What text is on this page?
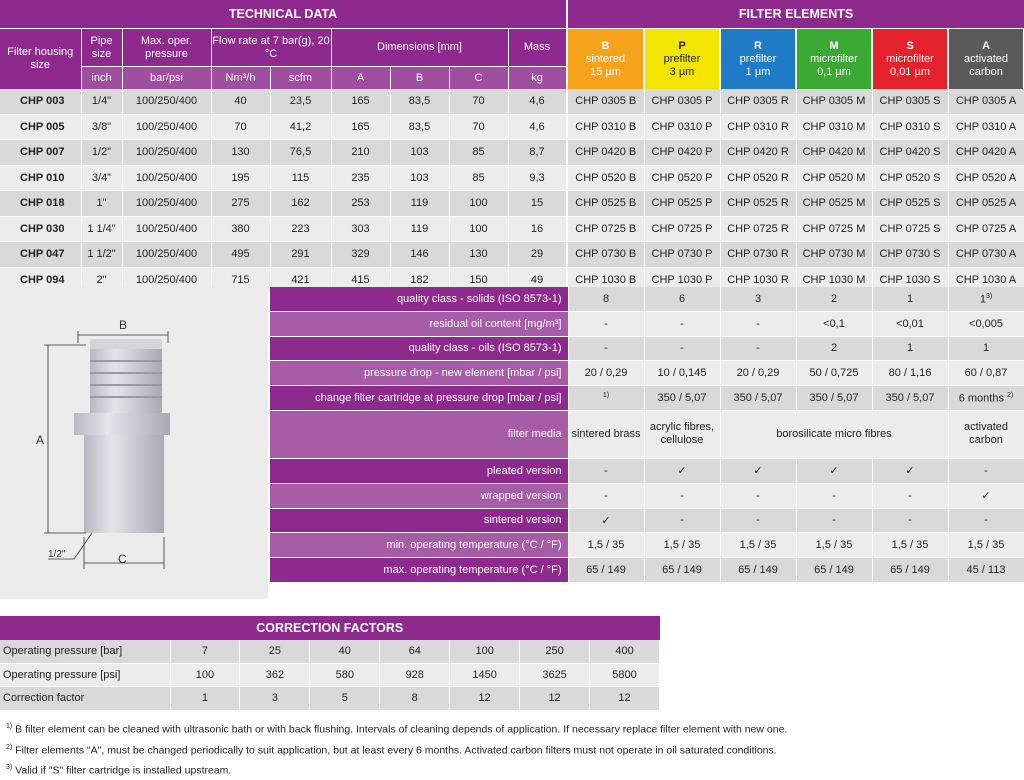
TECHNICAL DATA								
Filter housing size	Pipe size	Max. oper. pressure	Flow rate at 7 bar(g), 20 °C		Dimensions [mm]			Mass
	inch	bar/psi	Nm³/h	scfm	A	B	C	kg
CHP 003	1/4"	100/250/400	40	23,5	165	83,5	70	4,6
CHP 005	3/8"	100/250/400	70	41,2	165	83,5	70	4,6
CHP 007	1/2"	100/250/400	130	76,5	210	103	85	8,7
CHP 010	3/4"	100/250/400	195	115	235	103	85	9,3
CHP 018	1"	100/250/400	275	162	253	119	100	15
CHP 030	1 1/4"	100/250/400	380	223	303	119	100	16
CHP 047	1 1/2"	100/250/400	495	291	329	146	130	29
CHP 094	2"	100/250/400	715	421	415	182	150	49
FILTER ELEMENTS					

B
sintered
15 µm	P
prefilter
3 µm	R
prefilter
1 µm	M
microfilter
0,1 µm	S
microfilter
0,01 µm	A
activated
carbon
CHP 0305 B	CHP 0305 P	CHP 0305 R	CHP 0305 M	CHP 0305 S	CHP 0305 A
CHP 0310 B	CHP 0310 P	CHP 0310 R	CHP 0310 M	CHP 0310 S	CHP 0310 A
CHP 0420 B	CHP 0420 P	CHP 0420 R	CHP 0420 M	CHP 0420 S	CHP 0420 A
CHP 0520 B	CHP 0520 P	CHP 0520 R	CHP 0520 M	CHP 0520 S	CHP 0520 A
CHP 0525 B	CHP 0525 P	CHP 0525 R	CHP 0525 M	CHP 0525 S	CHP 0525 A
CHP 0725 B	CHP 0725 P	CHP 0725 R	CHP 0725 M	CHP 0725 S	CHP 0725 A
CHP 0730 B	CHP 0730 P	CHP 0730 R	CHP 0730 M	CHP 0730 S	CHP 0730 A
CHP 1030 B	CHP 1030 P	CHP 1030 R	CHP 1030 M	CHP 1030 S	CHP 1030 A
B
A
C
1/2"
quality class - solids (ISO 8573-1)	8	6	3	2	1	1$^{3)}$
residual oil content [mg/m³]	-	-	-	<0,1	<0,01	<0,005
quality class - oils (ISO 8573-1)	-	-	-	2	1	1
pressure drop - new element [mbar / psi]	20 / 0,29	10 / 0,145	20 / 0,29	50 / 0,725	80 / 1,16	60 / 0,87
change filter cartridge at pressure drop [mbar / psi]	$^{1)}$	350 / 5,07	350 / 5,07	350 / 5,07	350 / 5,07	6 months $^{2)}$
filter media	sintered brass	acrylic fibres, cellulose	borosilicate micro fibres			activated carbon
pleated version	-	✓	✓	✓	✓	-
wrapped version	-	-	-	-	-	✓
sintered version	✓	-	-	-	-	-
min. operating temperature (°C / °F)	1,5 / 35	1,5 / 35	1,5 / 35	1,5 / 35	1,5 / 35	1,5 / 35
max. operating temperature (°C / °F)	65 / 149	65 / 149	65 / 149	65 / 149	65 / 149	45 / 113
CORRECTION FACTORS							
Operating pressure [bar]	7	25	40	64	100	250	400
Operating pressure [psi]	100	362	580	928	1450	3625	5800
Correction factor	1	3	5	8	12	12	12
$^{1)}$ B filter element can be cleaned with ultrasonic bath or with back flushing. Intervals of cleaning depends of application. If necessary replace filter element with new one.
$^{2)}$ Filter elements "A", must be changed periodically to suit application, but at least every 6 months. Activated carbon filters must not operate in oil saturated conditions.
$^{3)}$ Valid if "S" filter cartridge is installed upstream.
